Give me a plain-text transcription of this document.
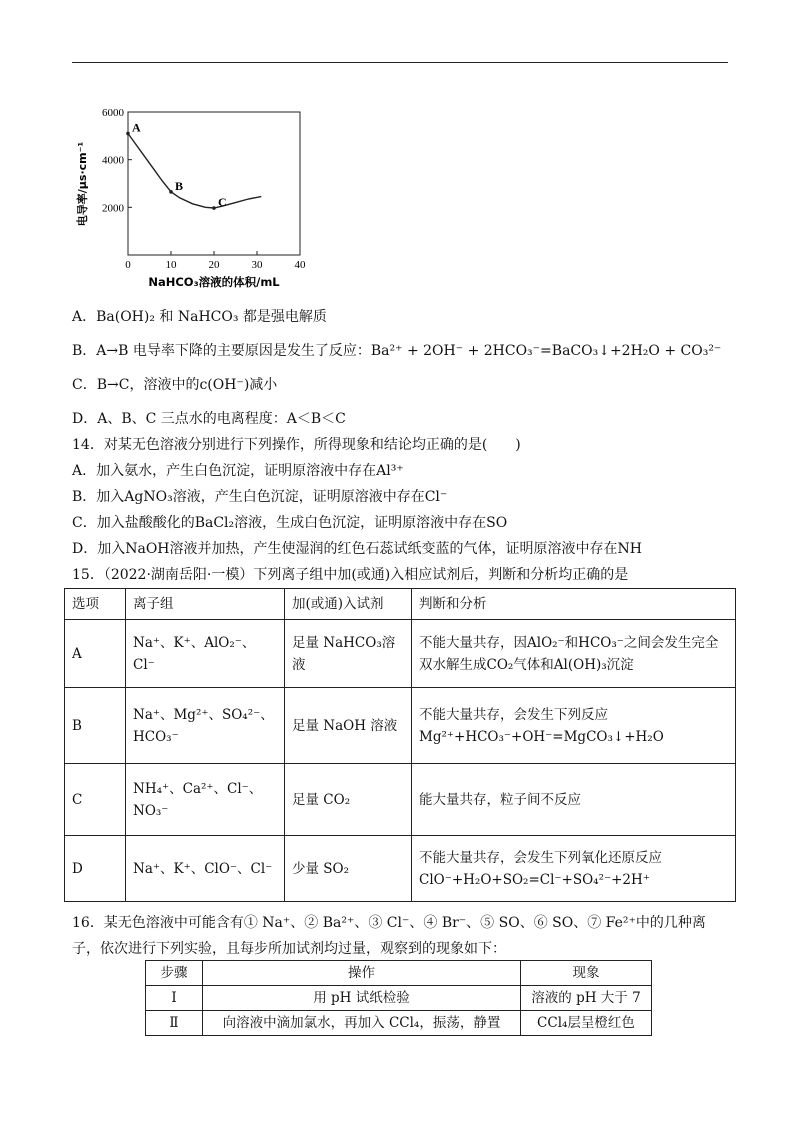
2000
4000
6000
0	10	20	30	40
A
B
C
电导率/μs·cm⁻¹
NaHCO₃溶液的体积/mL
A．Ba(OH)₂ 和 NaHCO₃ 都是强电解质
B．A→B 电导率下降的主要原因是发生了反应：Ba²⁺ + 2OH⁻ + 2HCO₃⁻=BaCO₃↓+2H₂O + CO₃²⁻
C．B→C，溶液中的c(OH⁻)减小
D．A、B、C 三点水的电离程度：A＜B＜C
14．对某无色溶液分别进行下列操作，所得现象和结论均正确的是(　　)
A．加入氨水，产生白色沉淀，证明原溶液中存在Al³⁺
B．加入AgNO₃溶液，产生白色沉淀，证明原溶液中存在Cl⁻
C．加入盐酸酸化的BaCl₂溶液，生成白色沉淀，证明原溶液中存在SO
D．加入NaOH溶液并加热，产生使湿润的红色石蕊试纸变蓝的气体，证明原溶液中存在NH
15．（2022·湖南岳阳·一模）下列离子组中加(或通)入相应试剂后，判断和分析均正确的是
选项	离子组	加(或通)入试剂	判断和分析
A	Na⁺、K⁺、AlO₂⁻、Cl⁻	足量 NaHCO₃溶液	不能大量共存，因AlO₂⁻和HCO₃⁻之间会发生完全双水解生成CO₂气体和Al(OH)₃沉淀
B	Na⁺、Mg²⁺、SO₄²⁻、HCO₃⁻	足量 NaOH 溶液	不能大量共存，会发生下列反应
Mg²⁺+HCO₃⁻+OH⁻=MgCO₃↓+H₂O

C	NH₄⁺、Ca²⁺、Cl⁻、NO₃⁻	足量 CO₂	能大量共存，粒子间不反应
D	Na⁺、K⁺、ClO⁻、Cl⁻	少量 SO₂	不能大量共存，会发生下列氧化还原反应
ClO⁻+H₂O+SO₂=Cl⁻+SO₄²⁻+2H⁺
16．某无色溶液中可能含有① Na⁺、② Ba²⁺、③ Cl⁻、④ Br⁻、⑤ SO、⑥ SO、⑦ Fe²⁺中的几种离子，依次进行下列实验，且每步所加试剂均过量，观察到的现象如下：
步骤	操作	现象
Ⅰ	用 pH 试纸检验	溶液的 pH 大于 7
Ⅱ	向溶液中滴加氯水，再加入 CCl₄，振荡，静置	CCl₄层呈橙红色
